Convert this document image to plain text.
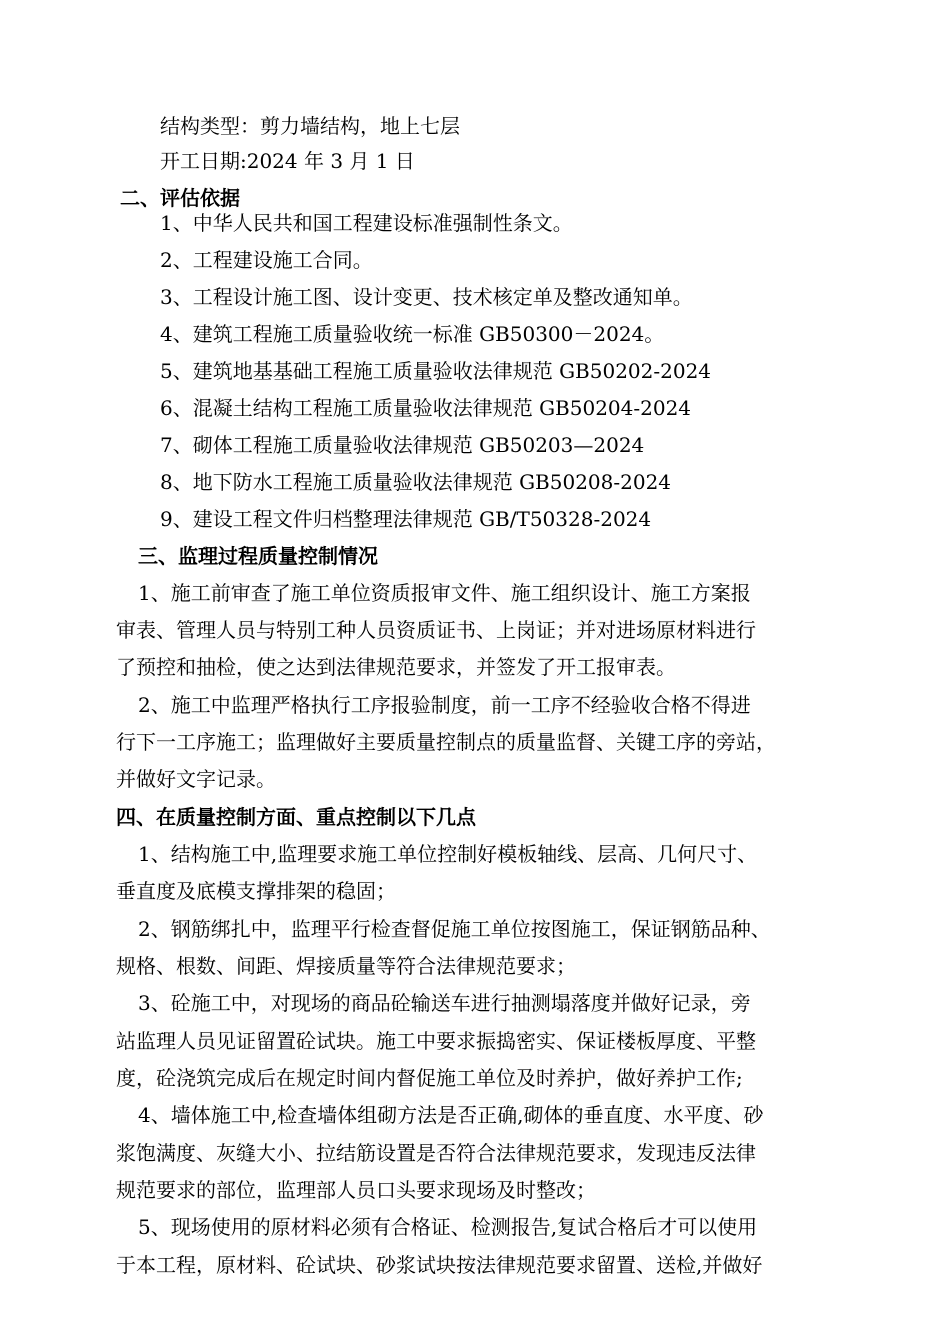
结构类型：剪力墙结构，地上七层
开工日期:2024 年 3 月 1 日
二、评估依据
1、中华人民共和国工程建设标准强制性条文。
2、工程建设施工合同。
3、工程设计施工图、设计变更、技术核定单及整改通知单。
4、建筑工程施工质量验收统一标准 GB50300－2024。
5、建筑地基基础工程施工质量验收法律规范 GB50202-2024
6、混凝土结构工程施工质量验收法律规范 GB50204-2024
7、砌体工程施工质量验收法律规范 GB50203—2024
8、地下防水工程施工质量验收法律规范 GB50208-2024
9、建设工程文件归档整理法律规范 GB/T50328-2024
三、监理过程质量控制情况
1、施工前审查了施工单位资质报审文件、施工组织设计、施工方案报
审表、管理人员与特别工种人员资质证书、上岗证；并对进场原材料进行
了预控和抽检，使之达到法律规范要求，并签发了开工报审表。
2、施工中监理严格执行工序报验制度，前一工序不经验收合格不得进
行下一工序施工；监理做好主要质量控制点的质量监督、关键工序的旁站，
并做好文字记录。
四、在质量控制方面、重点控制以下几点
1、结构施工中,监理要求施工单位控制好模板轴线、层高、几何尺寸、
垂直度及底模支撑排架的稳固；
2、钢筋绑扎中，监理平行检查督促施工单位按图施工，保证钢筋品种、
规格、根数、间距、焊接质量等符合法律规范要求；
3、砼施工中，对现场的商品砼输送车进行抽测塌落度并做好记录，旁
站监理人员见证留置砼试块。施工中要求振捣密实、保证楼板厚度、平整
度，砼浇筑完成后在规定时间内督促施工单位及时养护，做好养护工作;
4、墙体施工中,检查墙体组砌方法是否正确,砌体的垂直度、水平度、砂
浆饱满度、灰缝大小、拉结筋设置是否符合法律规范要求，发现违反法律
规范要求的部位，监理部人员口头要求现场及时整改；
5、现场使用的原材料必须有合格证、检测报告,复试合格后才可以使用
于本工程，原材料、砼试块、砂浆试块按法律规范要求留置、送检,并做好
